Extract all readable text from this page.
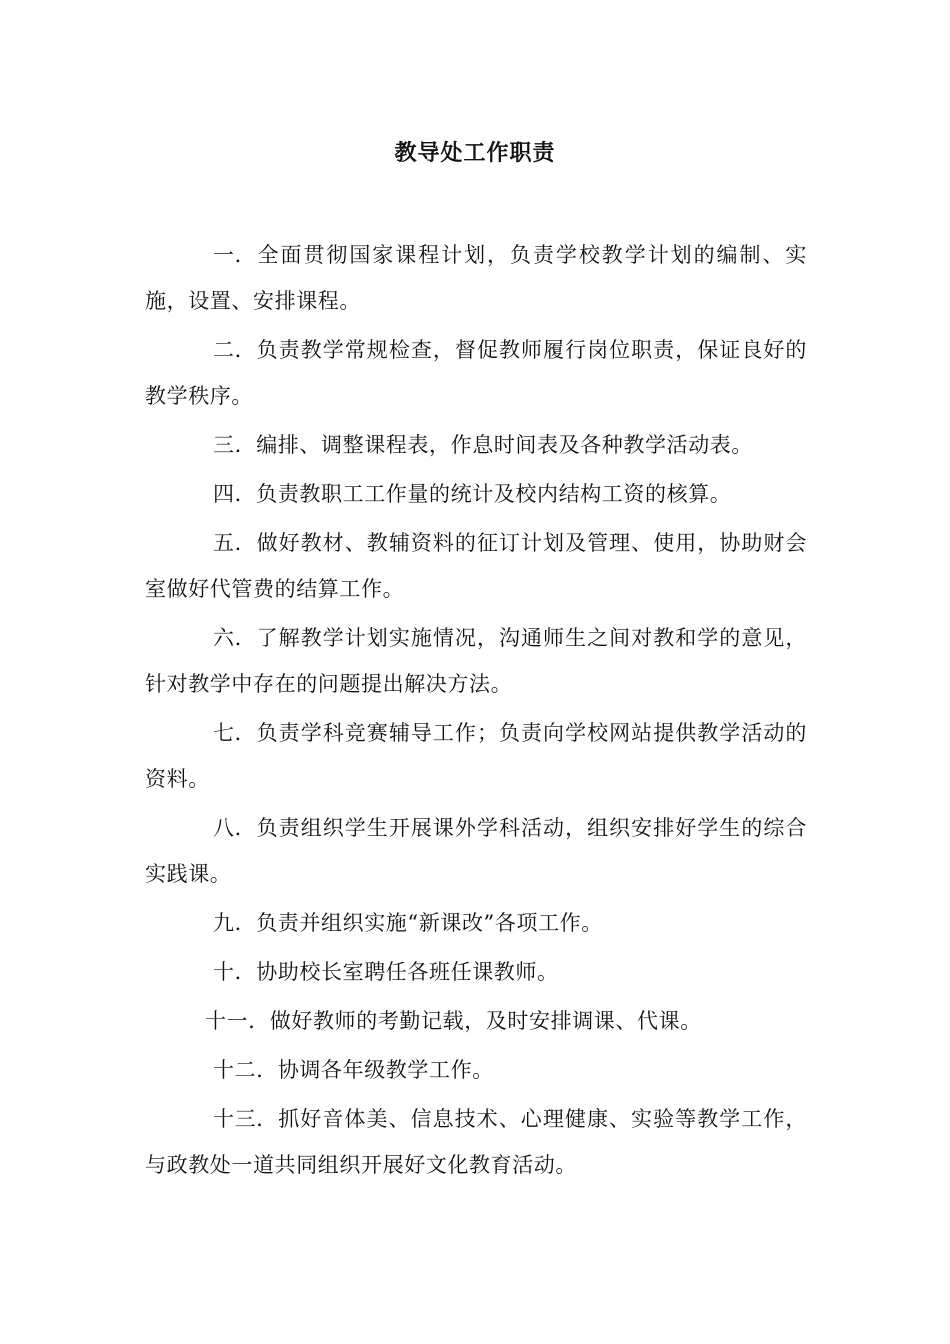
教导处工作职责

一．全面贯彻国家课程计划，负责学校教学计划的编制、实施，设置、安排课程。

二．负责教学常规检查，督促教师履行岗位职责，保证良好的教学秩序。

三．编排、调整课程表，作息时间表及各种教学活动表。

四．负责教职工工作量的统计及校内结构工资的核算。

五．做好教材、教辅资料的征订计划及管理、使用，协助财会室做好代管费的结算工作。

六．了解教学计划实施情况，沟通师生之间对教和学的意见，针对教学中存在的问题提出解决方法。

七．负责学科竞赛辅导工作；负责向学校网站提供教学活动的资料。

八．负责组织学生开展课外学科活动，组织安排好学生的综合实践课。

九．负责并组织实施“新课改”各项工作。

十．协助校长室聘任各班任课教师。

十一．做好教师的考勤记载，及时安排调课、代课。

十二．协调各年级教学工作。

十三．抓好音体美、信息技术、心理健康、实验等教学工作，与政教处一道共同组织开展好文化教育活动。
